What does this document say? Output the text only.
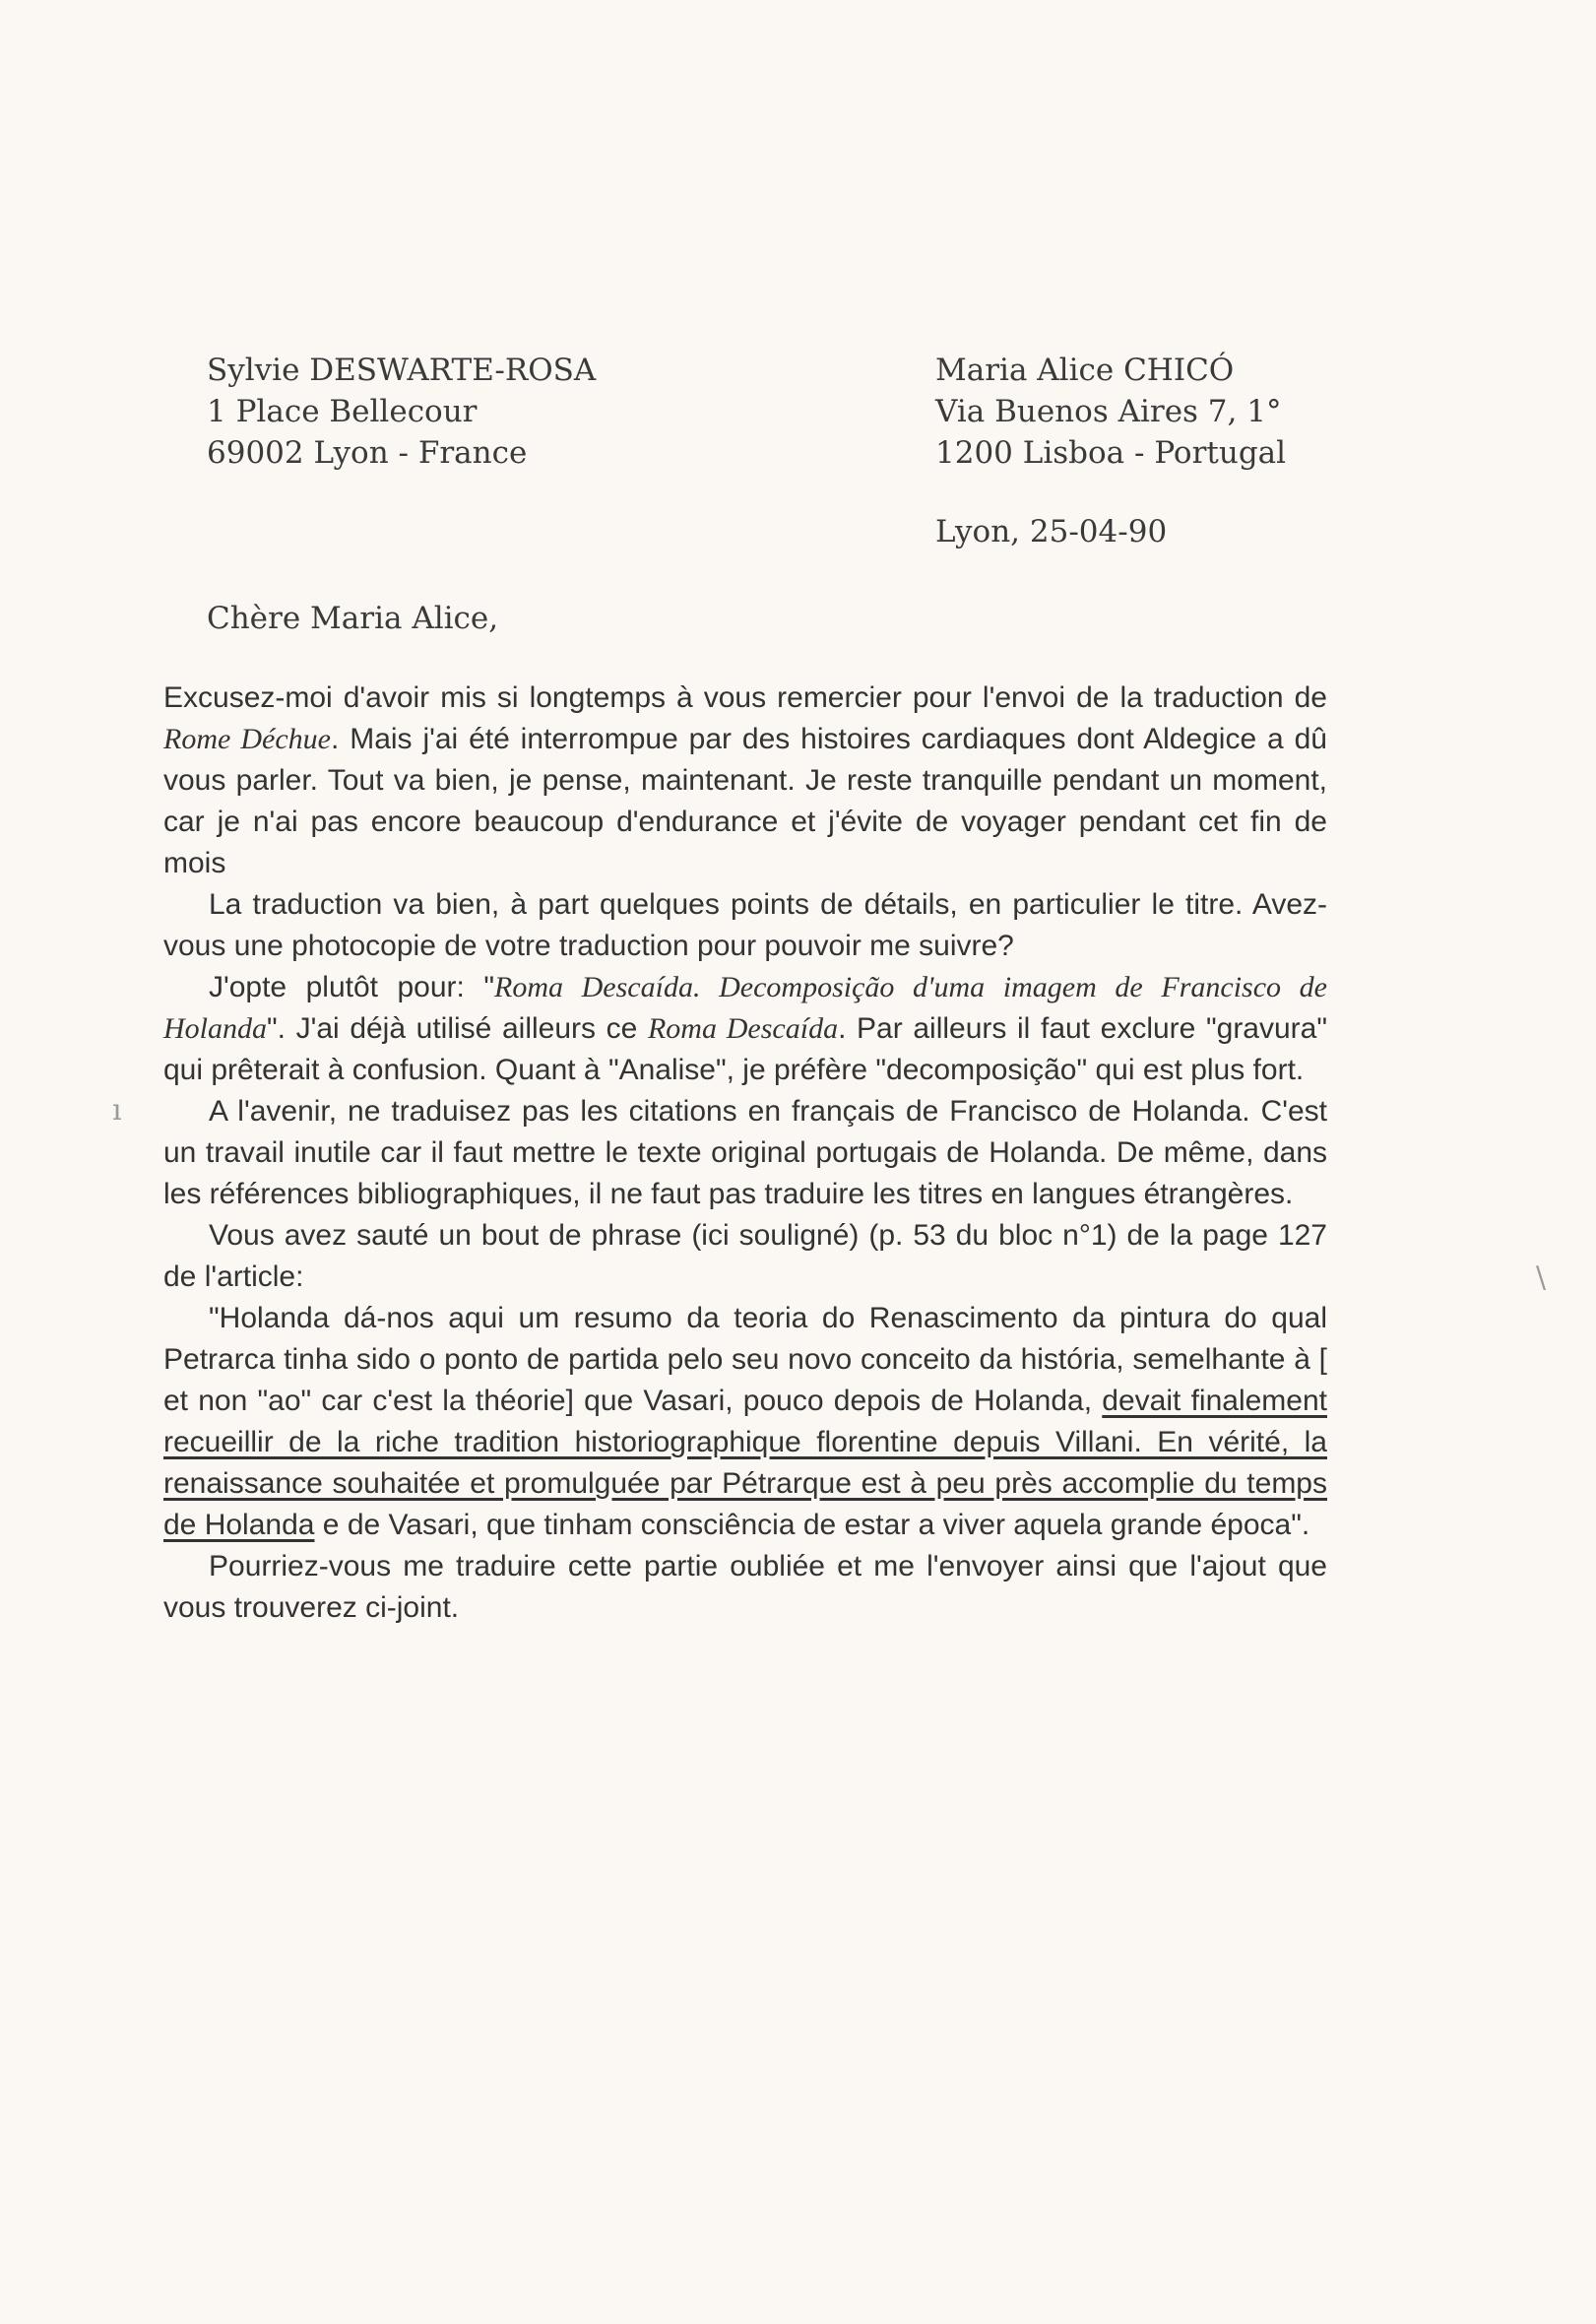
Sylvie DESWARTE-ROSA
1 Place Bellecour
69002 Lyon - France
Maria Alice CHICÓ
Via Buenos Aires 7, 1°
1200 Lisboa - Portugal
Lyon, 25-04-90
Chère Maria Alice,

Excusez-moi d'avoir mis si longtemps à vous remercier pour l'envoi de la traduction de Rome Déchue. Mais j'ai été interrompue par des histoires cardiaques dont Aldegice a dû vous parler. Tout va bien, je pense, maintenant. Je reste tranquille pendant un moment, car je n'ai pas encore beaucoup d'endurance et j'évite de voyager pendant cet fin de mois

La traduction va bien, à part quelques points de détails, en particulier le titre. Avez-vous une photocopie de votre traduction pour pouvoir me suivre?

J'opte plutôt pour: "Roma Descaída. Decomposição d'uma imagem de Francisco de Holanda". J'ai déjà utilisé ailleurs ce Roma Descaída. Par ailleurs il faut exclure "gravura" qui prêterait à confusion. Quant à "Analise", je préfère "decomposição" qui est plus fort.

A l'avenir, ne traduisez pas les citations en français de Francisco de Holanda. C'est un travail inutile car il faut mettre le texte original portugais de Holanda. De même, dans les références bibliographiques, il ne faut pas traduire les titres en langues étrangères.

Vous avez sauté un bout de phrase (ici souligné) (p. 53 du bloc n°1) de la page 127 de l'article:

"Holanda dá-nos aqui um resumo da teoria do Renascimento da pintura do qual Petrarca tinha sido o ponto de partida pelo seu novo conceito da história, semelhante à [ et non "ao" car c'est la théorie] que Vasari, pouco depois de Holanda, devait finalement recueillir de la riche tradition historiographique florentine depuis Villani. En vérité, la renaissance souhaitée et promulguée par Pétrarque est à peu près accomplie du temps de Holanda e de Vasari, que tinham consciência de estar a viver aquela grande época".

Pourriez-vous me traduire cette partie oubliée et me l'envoyer ainsi que l'ajout que vous trouverez ci-joint.

ı
\
